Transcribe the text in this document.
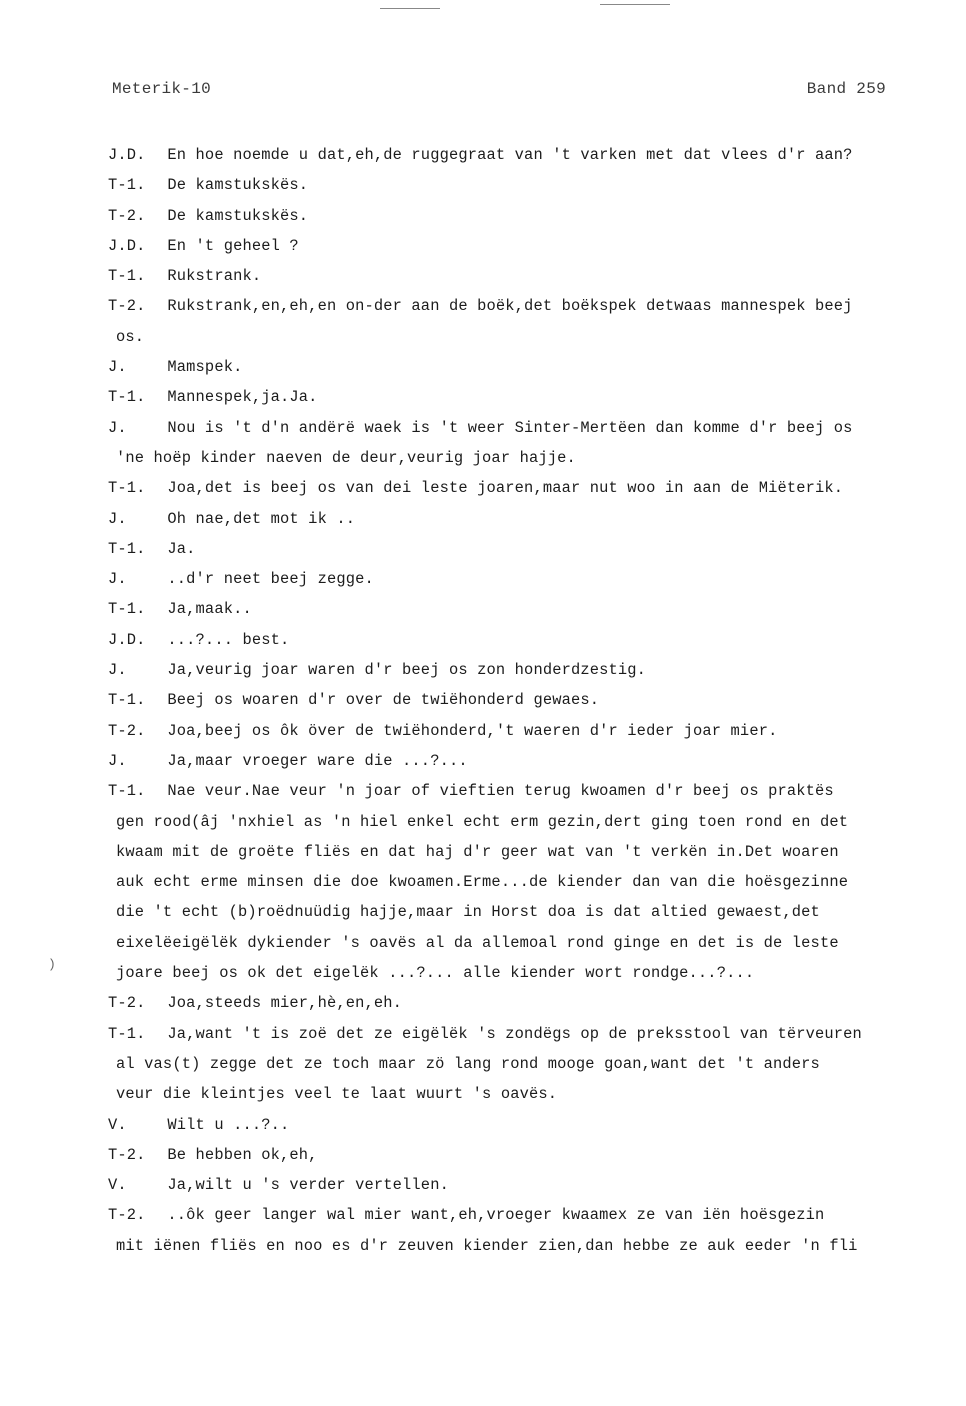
Meterik-10	Band 259
J.D. En hoe noemde u dat,eh,de ruggegraat van 't varken met dat vlees d'r aan?
T-1. De kamstukskës.
T-2. De kamstukskës.
J.D. En 't geheel ?
T-1. Rukstrank.
T-2. Rukstrank,en,eh,en on-der aan de boëk,det boëkspek detwaas mannespek beej
os.
J.	Mamspek.
T-1. Mannespek,ja.Ja.
J.	Nou is 't d'n andërë waek is 't weer Sinter-Mertëen dan komme d'r beej os
'ne hoëp kinder naeven de deur,veurig joar hajje.
T-1. Joa,det is beej os van dei leste joaren,maar nut woo in aan de Miëterik.
J.	Oh nae,det mot ik ..
T-1. Ja.
J.	..d'r neet beej zegge.
T-1. Ja,maak..
J.D. ...?... best.
J.	Ja,veurig joar waren d'r beej os zon honderdzestig.
T-1. Beej os woaren d'r over de twiëhonderd gewaes.
T-2. Joa,beej os ôk över de twiëhonderd,'t waeren d'r ieder joar mier.
J.	Ja,maar vroeger ware die ...?...
T-1. Nae veur.Nae veur 'n joar of vieftien terug kwoamen d'r beej os praktës
gen rood(âj 'nxhiel as 'n hiel enkel echt erm gezin,dert ging toen rond en det
kwaam mit de groëte fliës en dat haj d'r geer wat van 't verkën in.Det woaren
auk echt erme minsen die doe kwoamen.Erme...de kiender dan van die hoësgezinne
die 't echt (b)roëdnuüdig hajje,maar in Horst doa is dat altied gewaest,det
eixelëeigëlëk dykiender 's oavës al da allemoal rond ginge en det is de leste
joare beej os ok det eigelëk ...?... alle kiender wort rondge...?...
T-2. Joa,steeds mier,hè,en,eh.
T-1. Ja,want 't is zoë det ze eigëlëk 's zondëgs op de preksstool van tërveuren
al vas(t) zegge det ze toch maar zö lang rond mooge goan,want det 't anders
veur die kleintjes veel te laat wuurt 's oavës.
V.	Wilt u ...?..
T-2. Be hebben ok,eh,
V.	Ja,wilt u 's verder vertellen.
T-2. ..ôk geer langer wal mier want,eh,vroeger kwaamex ze van iën hoësgezin
mit iënen fliës en noo es d'r zeuven kiender zien,dan hebbe ze auk eeder 'n fli
)
